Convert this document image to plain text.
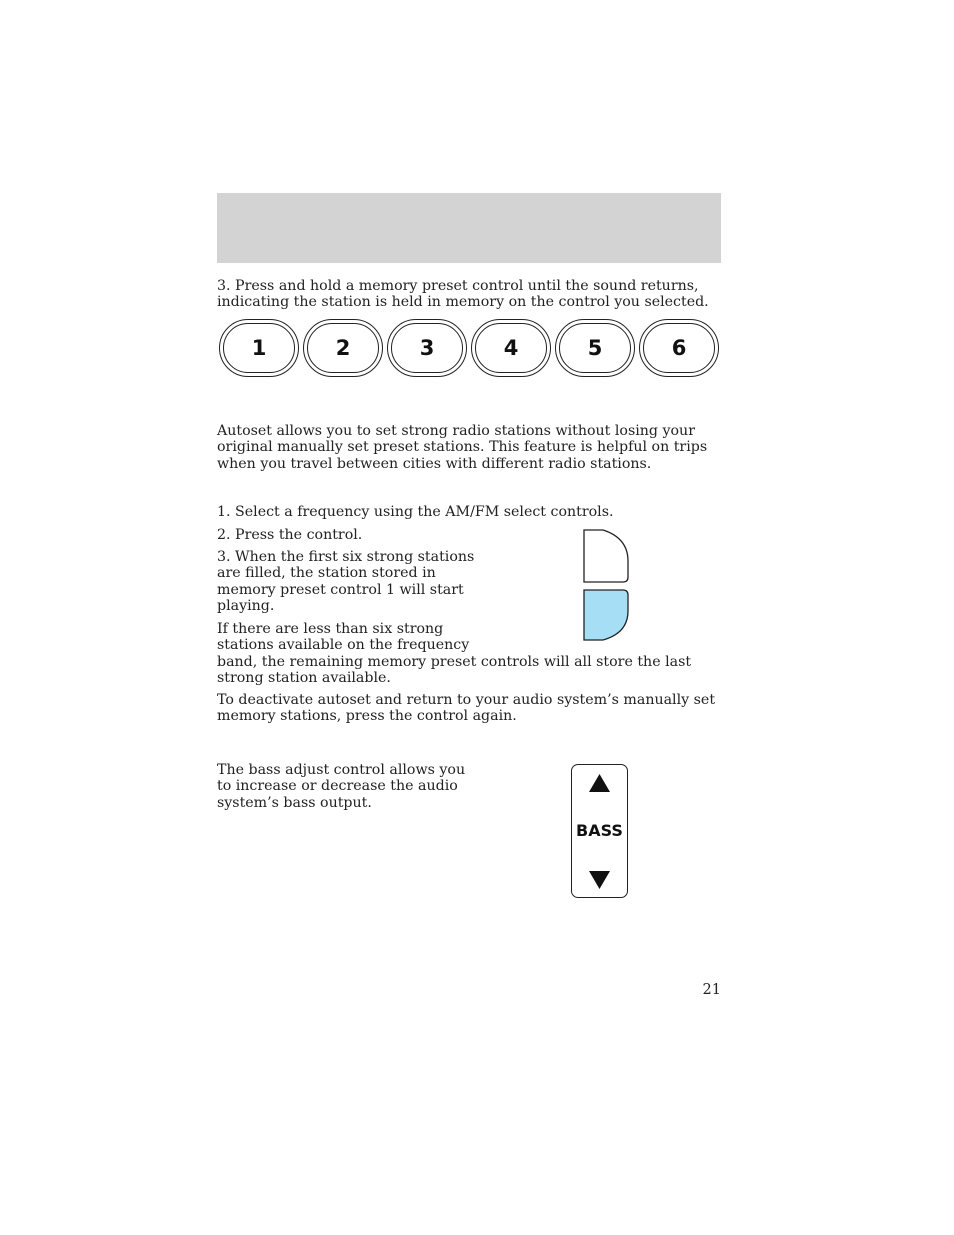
3. Press and hold a memory preset control until the sound returns, indicating the station is held in memory on the control you selected.
1	2	3	4	5	6
Autoset allows you to set strong radio stations without losing your original manually set preset stations. This feature is helpful on trips when you travel between cities with different radio stations.
1. Select a frequency using the AM/FM select controls.
2. Press the control.
3. When the first six strong stations are filled, the station stored in memory preset control 1 will start playing.
If there are less than six strong stations available on the frequency
band, the remaining memory preset controls will all store the last strong station available.
To deactivate autoset and return to your audio system’s manually set memory stations, press the control again.
The bass adjust control allows you to increase or decrease the audio system’s bass output.
BASS
21
